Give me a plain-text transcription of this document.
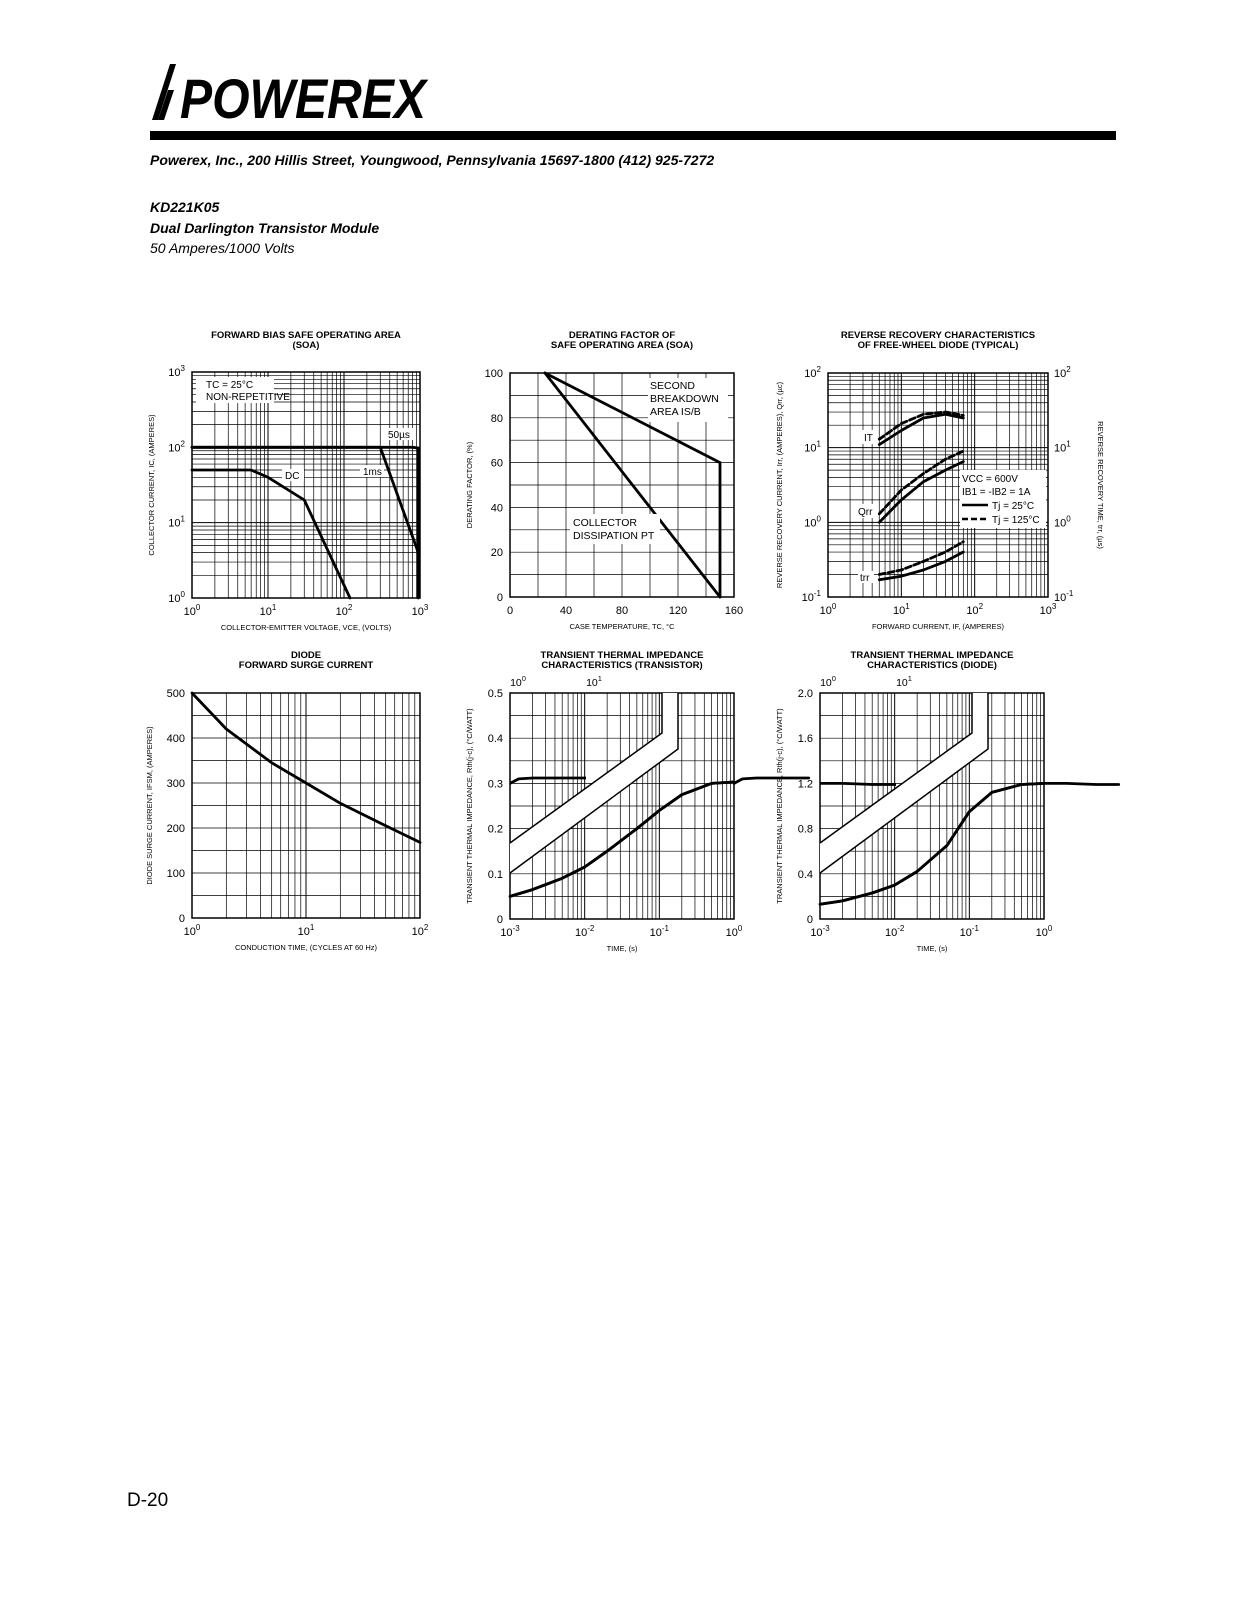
POWEREX
Powerex, Inc., 200 Hillis Street, Youngwood, Pennsylvania 15697-1800 (412) 925-7272
KD221K05
Dual Darlington Transistor Module
50 Amperes/1000 Volts
FORWARD BIAS SAFE OPERATING AREA
(SOA)
$10^0$	$10^1$	$10^2$	$10^3$
$10^0$
$10^1$
$10^2$
$10^3$
COLLECTOR-EMITTER VOLTAGE, VCE, (VOLTS)
COLLECTOR CURRENT, IC, (AMPERES)
TC = 25°C
NON-REPETITIVE
50µs
1ms
DC
DERATING FACTOR OF
SAFE OPERATING AREA (SOA)
0	40	80	120	160
0
20
40
60
80
100
CASE TEMPERATURE, TC, °C
DERATING FACTOR, (%)
SECOND BREAKDOWN AREA IS/B
COLLECTOR DISSIPATION PT
REVERSE RECOVERY CHARACTERISTICS
OF FREE-WHEEL DIODE (TYPICAL)
$10^0$	$10^1$	$10^2$	$10^3$
$10^{-1}$
$10^0$
$10^1$
$10^2$
$10^{-1}$
$10^0$
$10^1$
$10^2$
FORWARD CURRENT, IF, (AMPERES)
REVERSE RECOVERY CURRENT, Irr, (AMPERES), Qrr, (µc)	REVERSE RECOVERY TIME, trr, (µs)
IT
Qrr
trr
VCC = 600V
IB1 = -IB2 = 1A
Tj = 25°C
Tj = 125°C
DIODE
FORWARD SURGE CURRENT
$10^0$	$10^1$	$10^2$
0
100
200
300
400
500
CONDUCTION TIME, (CYCLES AT 60 Hz)
DIODE SURGE CURRENT, IFSM, (AMPERES)
TRANSIENT THERMAL IMPEDANCE
CHARACTERISTICS (TRANSISTOR)
$10^{-3}$	$10^{-2}$	$10^{-1}$	$10^0$
0
0.1
0.2
0.3
0.4
0.5
$10^0$	$10^1$
TIME, (s)
TRANSIENT THERMAL IMPEDANCE, Rth(j-c), (°C/WATT)
TRANSIENT THERMAL IMPEDANCE
CHARACTERISTICS (DIODE)
$10^{-3}$	$10^{-2}$	$10^{-1}$	$10^0$
0
0.4
0.8
1.2
1.6
2.0
$10^0$	$10^1$
TIME, (s)
TRANSIENT THERMAL IMPEDANCE, Rth(j-c), (°C/WATT)
D-20
